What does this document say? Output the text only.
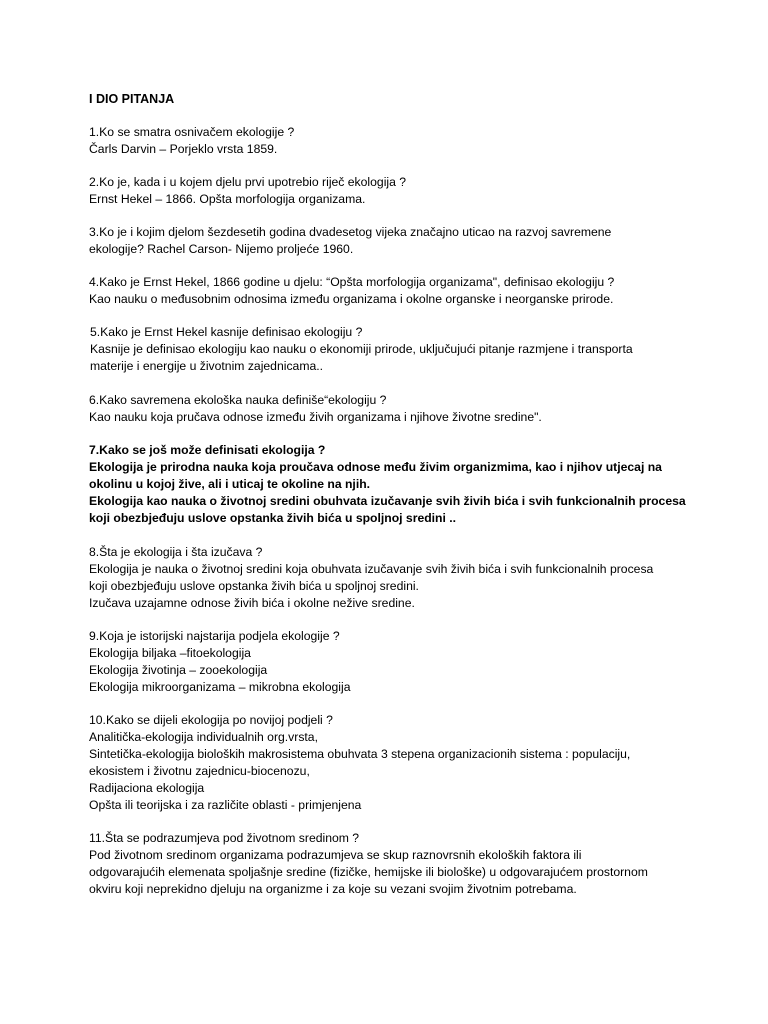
I DIO PITANJA

1.Ko se smatra osnivačem ekologije ?

Čarls Darvin – Porjeklo vrsta 1859.

2.Ko je, kada i u kojem djelu prvi upotrebio riječ ekologija ?

Ernst Hekel – 1866. Opšta morfologija organizama.

3.Ko je i kojim djelom šezdesetih godina dvadesetog vijeka značajno uticao na razvoj savremene

ekologije? Rachel Carson- Nijemo proljeće 1960.

4.Kako je Ernst Hekel, 1866 godine u djelu: “Opšta morfologija organizama", definisao ekologiju ?

Kao nauku o međusobnim odnosima između organizama i okolne organske i neorganske prirode.

5.Kako je Ernst Hekel kasnije definisao ekologiju ?

Kasnije je definisao ekologiju kao nauku o ekonomiji prirode, uključujući pitanje razmjene i transporta

materije i energije u životnim zajednicama..

6.Kako savremena ekološka nauka definiše“ekologiju ?

Kao nauku koja pručava odnose između živih organizama i njihove životne sredine".

7.Kako se još može definisati ekologija ?

Ekologija je prirodna nauka koja proučava odnose među živim organizmima, kao i njihov utjecaj na

okolinu u kojoj žive, ali i uticaj te okoline na njih.

Ekologija kao nauka o životnoj sredini obuhvata izučavanje svih živih bića i svih funkcionalnih procesa

koji obezbjeđuju uslove opstanka živih bića u spoljnoj sredini ..

8.Šta je ekologija i šta izučava ?

Ekologija je nauka o životnoj sredini koja obuhvata izučavanje svih živih bića i svih funkcionalnih procesa

koji obezbjeđuju uslove opstanka živih bića u spoljnoj sredini.

Izučava uzajamne odnose živih bića i okolne nežive sredine.

9.Koja je istorijski najstarija podjela ekologije ?

Ekologija biljaka –fitoekologija

Ekologija životinja – zooekologija

Ekologija mikroorganizama – mikrobna ekologija

10.Kako se dijeli ekologija po novijoj podjeli ?

Analitička-ekologija individualnih org.vrsta,

Sintetička-ekologija bioloških makrosistema obuhvata 3 stepena organizacionih sistema : populaciju,

ekosistem i životnu zajednicu-biocenozu,

Radijaciona ekologija

Opšta ili teorijska i za različite oblasti - primjenjena

11.Šta se podrazumjeva pod životnom sredinom ?

Pod životnom sredinom organizama podrazumjeva se skup raznovrsnih ekoloških faktora ili

odgovarajućih elemenata spoljašnje sredine (fizičke, hemijske ili biološke) u odgovarajućem prostornom

okviru koji neprekidno djeluju na organizme i za koje su vezani svojim životnim potrebama.
